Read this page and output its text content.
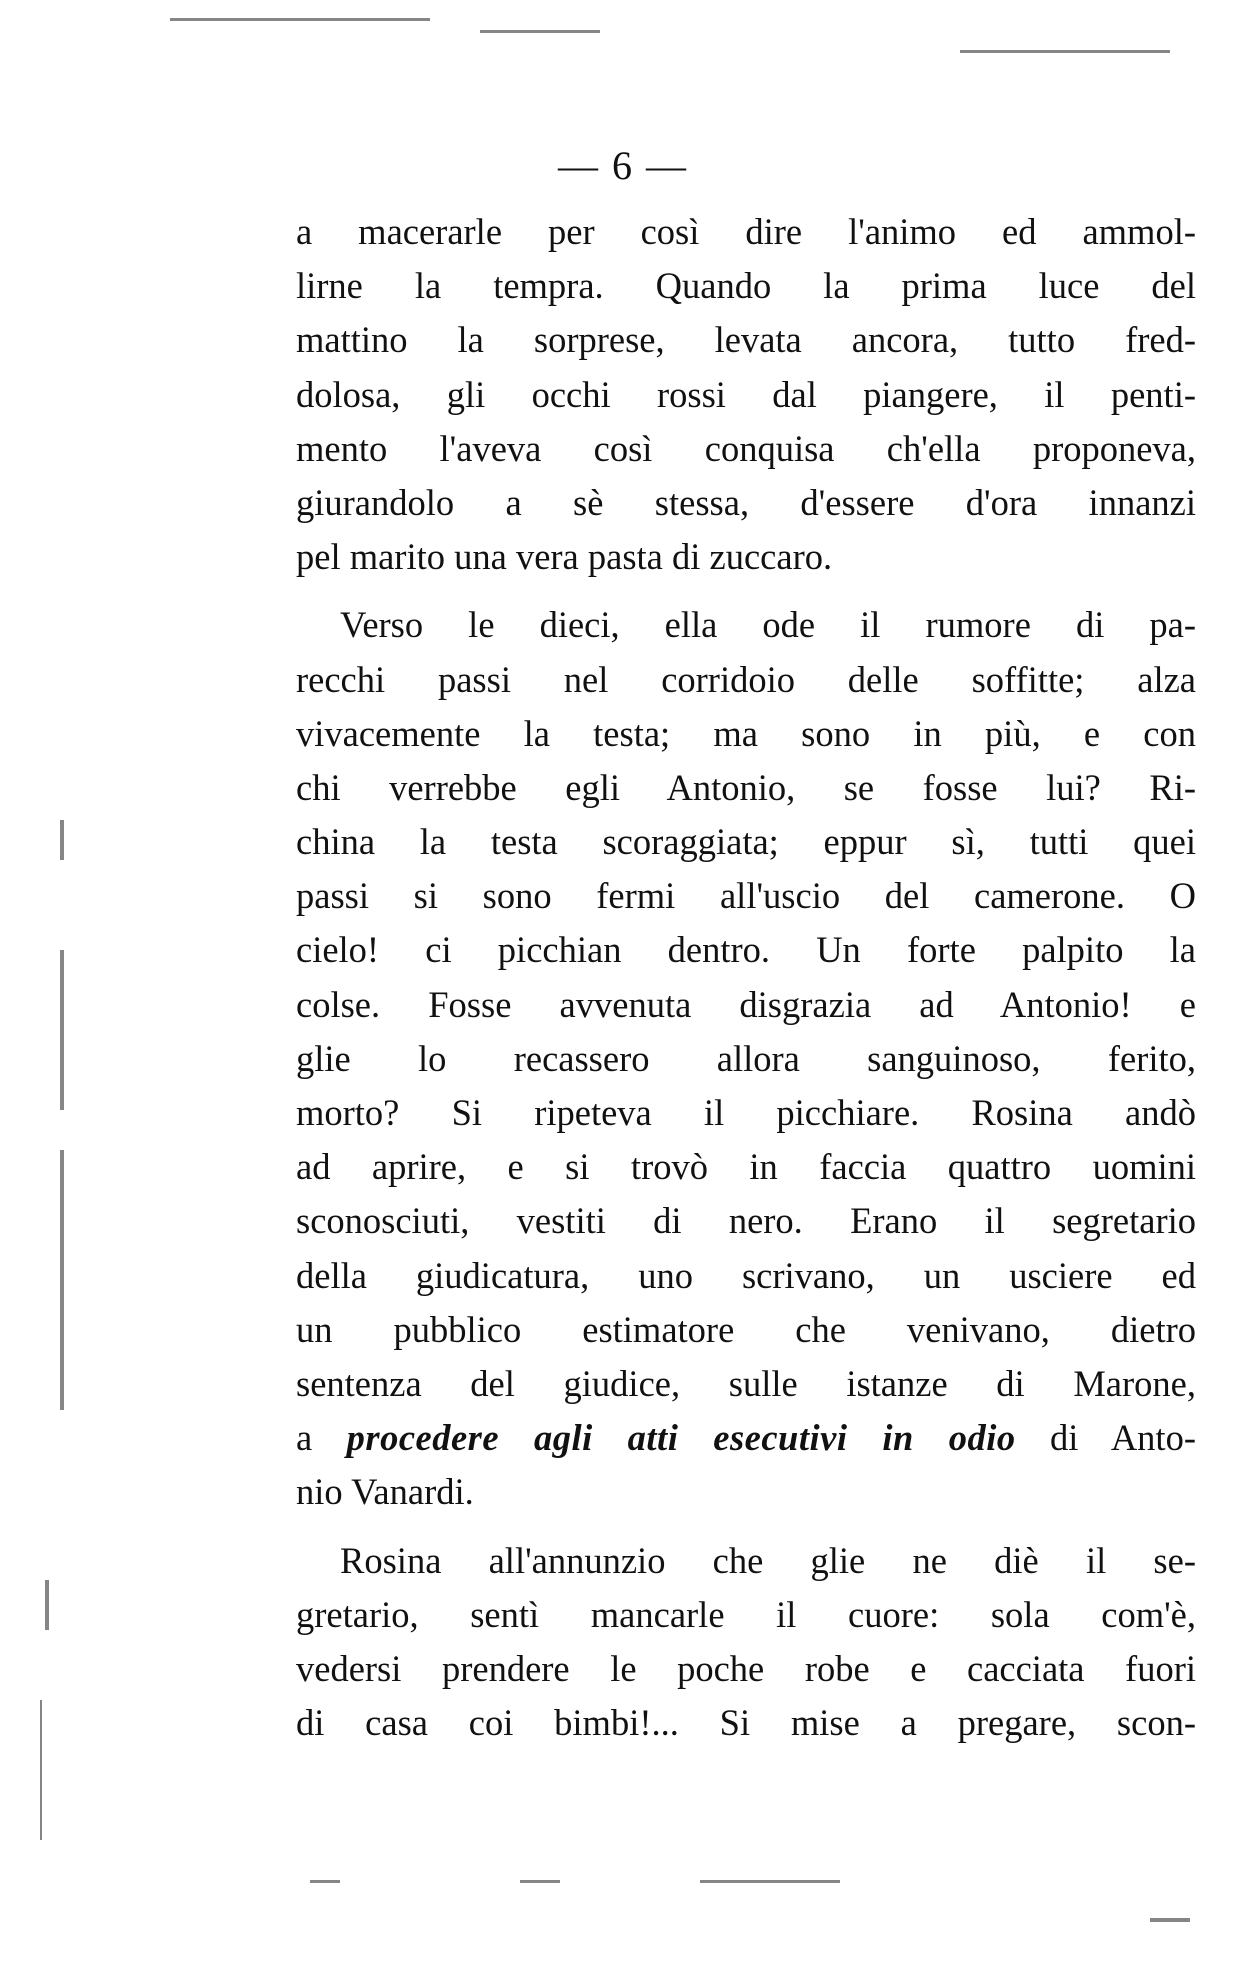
— 6 —
a macerarle per così dire l'animo ed ammol-
lirne la tempra. Quando la prima luce del
mattino la sorprese, levata ancora, tutto fred-
dolosa, gli occhi rossi dal piangere, il penti-
mento l'aveva così conquisa ch'ella proponeva,
giurandolo a sè stessa, d'essere d'ora innanzi
pel marito una vera pasta di zuccaro.
Verso le dieci, ella ode il rumore di pa-
recchi passi nel corridoio delle soffitte; alza
vivacemente la testa; ma sono in più, e con
chi verrebbe egli Antonio, se fosse lui? Ri-
china la testa scoraggiata; eppur sì, tutti quei
passi si sono fermi all'uscio del camerone. O
cielo! ci picchian dentro. Un forte palpito la
colse. Fosse avvenuta disgrazia ad Antonio! e
glie lo recassero allora sanguinoso, ferito,
morto? Si ripeteva il picchiare. Rosina andò
ad aprire, e si trovò in faccia quattro uomini
sconosciuti, vestiti di nero. Erano il segretario
della giudicatura, uno scrivano, un usciere ed
un pubblico estimatore che venivano, dietro
sentenza del giudice, sulle istanze di Marone,
a procedere agli atti esecutivi in odio di Anto-
nio Vanardi.
Rosina all'annunzio che glie ne diè il se-
gretario, sentì mancarle il cuore: sola com'è,
vedersi prendere le poche robe e cacciata fuori
di casa coi bimbi!... Si mise a pregare, scon-
